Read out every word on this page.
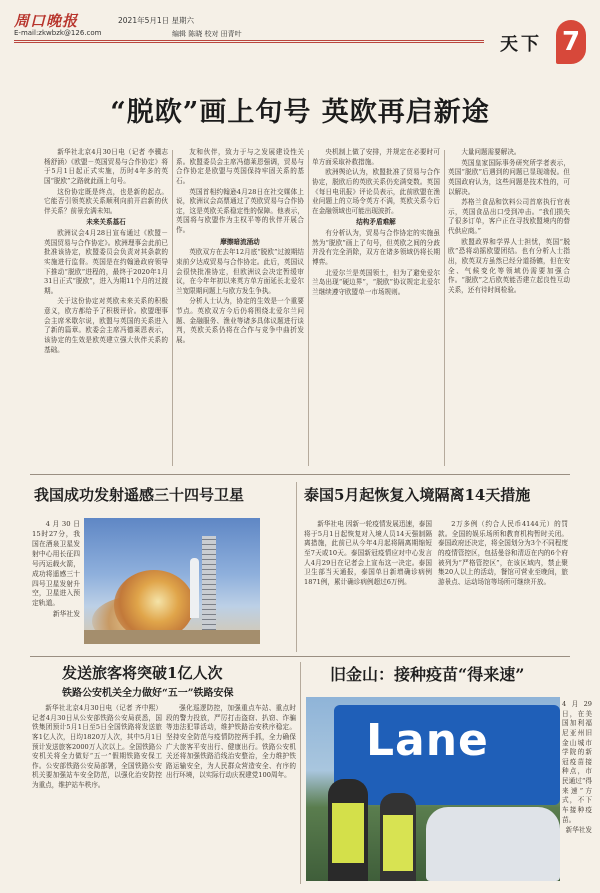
周口晚报
E-mail:zkwbzk@126.com
2021年5月1日 星期六
编辑 陈晓 校对 田青叶	天下 7
“脱欧”画上句号 英欧再启新途

新华社北京4月30日电（记者 李骥志 杨舒涵）《欧盟－英国贸易与合作协定》将于5月1日起正式实施，历时4年多的英国“脱欧”之路就此画上句号。

这份协定既是终点，也是新的起点。它能否引领英欧关系顺利向前开启新的伙伴关系？前景充满未知。

未来关系基石

欧洲议会4月28日宣布通过《欧盟－英国贸易与合作协定》。欧洲理事会此前已批准该协定，欧盟委员会负责对其条款的实施进行监督。英国是在约翰逊政府领导下推动“脱欧”进程的，最终于2020年1月31日正式“脱欧”，进入为期11个月的过渡期。

关于这份协定对英欧未来关系的积极意义，欧方都给予了积极评价。欧盟理事会主席米歇尔说，欧盟与英国的关系进入了新的篇章。欧委会主席冯德莱恩表示，该协定的生效是欧英建立强大伙伴关系的基础。

友和伙伴，致力于与之发展建设性关系。欧盟委员会主席冯德莱恩强调，贸易与合作协定是欧盟与英国保持牢固关系的基石。

英国首相约翰逊4月28日在社交媒体上说，欧洲议会高票通过了英欧贸易与合作协定，这是英欧关系稳定性的保障。他表示，英国将与欧盟作为主权平等的伙伴开展合作。

摩擦暗流涌动

英欧双方在去年12月底“脱欧”过渡期结束前夕达成贸易与合作协定。此后，英国议会很快批准协定，但欧洲议会决定暂缓审议，在今年年初以来英方单方面延长北爱尔兰宽限期问题上与欧方发生争执。

分析人士认为，协定的生效是一个重要节点。英欧双方今后仍将围绕北爱尔兰问题、金融服务、渔业等诸多具体议题进行谈判，英欧关系仍将在合作与竞争中曲折发展。

央机制上做了安排，并规定在必要时可单方面采取补救措施。

欧洲舆论认为，欧盟批准了贸易与合作协定，脱欧后的英欧关系仍充满变数。英国《每日电讯报》评论员表示，此前欧盟在渔业问题上的立场令英方不满，英欧关系今后在金融领域也可能出现波折。

结构矛盾难解

有分析认为，贸易与合作协定的实施虽然为“脱欧”画上了句号，但英欧之间的分歧并没有完全消除，双方在诸多领域仍将长期博弈。

北爱尔兰是英国领土，但为了避免爱尔兰岛出现“硬边界”，“脱欧”协议规定北爱尔兰继续遵守欧盟单一市场规则。

大量问题需要解决。

英国皇家国际事务研究所学者表示，英国“脱欧”后遇到的问题已显现端倪。但英国政府认为，这些问题是技术性的，可以解决。

苏格兰食品和饮料公司首席执行官表示，英国食品出口受到冲击。“我们损失了很多订单，客户正在寻找欧盟境内的替代供应商。”

欧盟政界和学界人士担忧，英国“脱欧”恐将动摇欧盟团结。也有分析人士指出，欧英双方虽然已经分道扬镳，但在安全、气候变化等领域仍需要加强合作。“脱欧”之后欧英能否建立起良性互动关系，还有待时间检验。

我国成功发射遥感三十四号卫星

4月30日15时27分，我国在酒泉卫星发射中心用长征四号丙运载火箭，成功将遥感三十四号卫星发射升空，卫星进入预定轨道。

新华社发

泰国5月起恢复入境隔离14天措施

新华社电 因新一轮疫情发展迅速，泰国将于5月1日起恢复对入境人员14天强制隔离措施，此前已从今年4月起将隔离期缩短至7天或10天。泰国新冠疫情应对中心发言人4月29日在记者会上宣布这一决定。泰国卫生部当天通报，泰国单日新增确诊病例1871例，累计确诊病例超过6万例。

2万多例（约合人民币4144元）的罚款。全国的娱乐场所和教育机构暂时关闭。泰国政府还决定，将全国划分为3个不同程度的疫情管控区，包括曼谷和清迈在内的6个府被列为“严格管控区”，在该区域内，禁止聚集20人以上的活动，餐馆可营业至晚间，旅游景点、运动场馆等场所可继续开放。

发送旅客将突破1亿人次
铁路公安机关全力做好“五一”铁路安保

新华社北京4月30日电（记者 齐中熙）记者4月30日从公安部铁路公安局获悉，国铁集团预计5月1日至5日全国铁路将发送旅客1亿人次，日均1820万人次，其中5月1日预计发送旅客2000万人次以上。全国铁路公安机关将全力做好“五一”假期铁路安保工作。公安部铁路公安局部署，全国铁路公安机关要加强站车安全防范，以强化治安防控为重点，维护站车秩序。

强化巡逻防控，加强重点车站、重点时段的警力投放，严厉打击盗窃、扒窃、诈骗等违法犯罪活动，维护铁路治安秩序稳定。坚持安全防范与疫情防控两手抓，全力确保广大旅客平安出行、健康出行。铁路公安机关还将加强铁路沿线治安整治，全力维护铁路运输安全，为人民群众营造安全、有序的出行环境，以实际行动庆祝建党100周年。

旧金山：接种疫苗“得来速”
Lane

4月29日，在美国加利福尼亚州旧金山城市学院的新冠疫苗接种点，市民通过“得来速”方式，不下车接种疫苗。

新华社发
